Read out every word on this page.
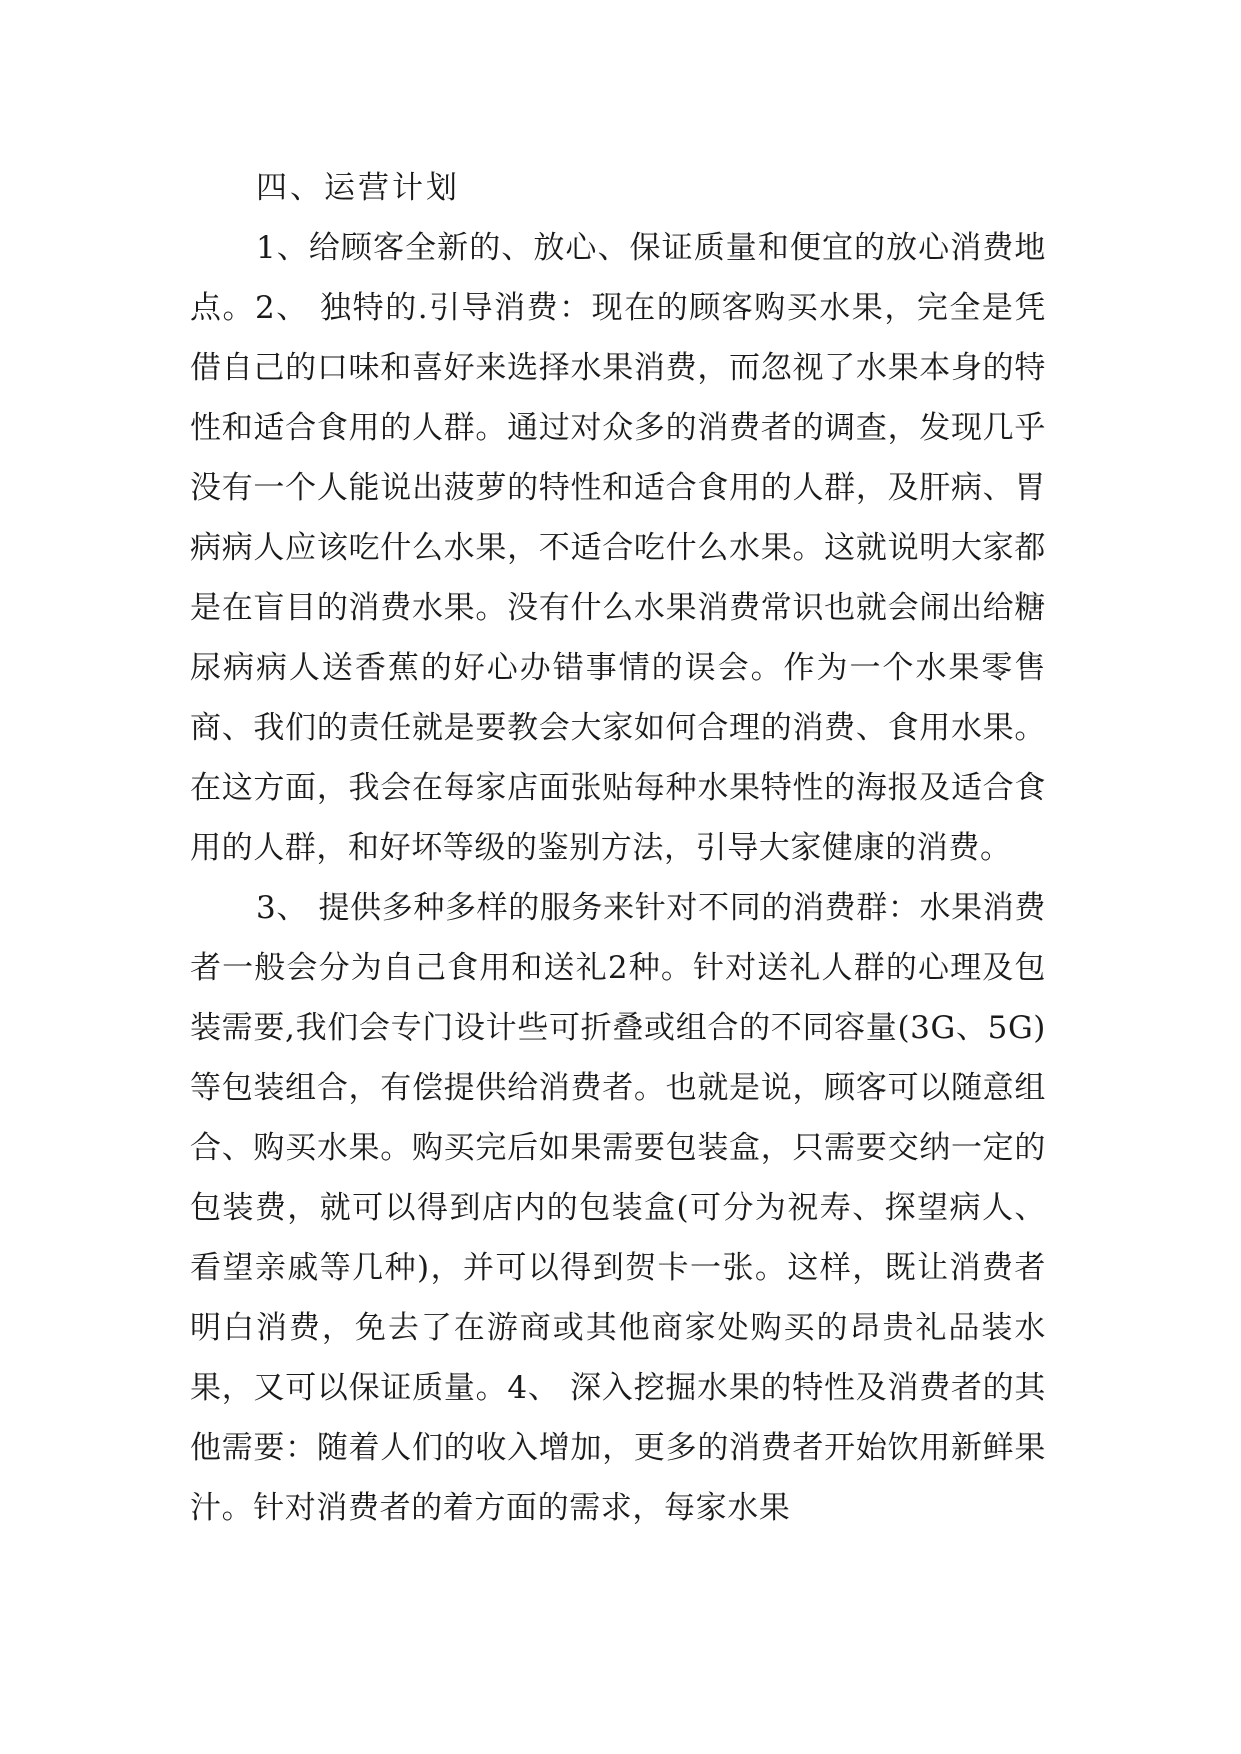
四、运营计划

1、给顾客全新的、放心、保证质量和便宜的放心消费地点。2、 独特的.引导消费：现在的顾客购买水果，完全是凭借自己的口味和喜好来选择水果消费，而忽视了水果本身的特性和适合食用的人群。通过对众多的消费者的调查，发现几乎没有一个人能说出菠萝的特性和适合食用的人群，及肝病、胃病病人应该吃什么水果，不适合吃什么水果。这就说明大家都是在盲目的消费水果。没有什么水果消费常识也就会闹出给糖尿病病人送香蕉的好心办错事情的误会。作为一个水果零售商、我们的责任就是要教会大家如何合理的消费、食用水果。在这方面，我会在每家店面张贴每种水果特性的海报及适合食用的人群，和好坏等级的鉴别方法，引导大家健康的消费。

3、 提供多种多样的服务来针对不同的消费群：水果消费者一般会分为自己食用和送礼2种。针对送礼人群的心理及包装需要,我们会专门设计些可折叠或组合的不同容量(3G、5G)等包装组合，有偿提供给消费者。也就是说，顾客可以随意组合、购买水果。购买完后如果需要包装盒，只需要交纳一定的包装费，就可以得到店内的包装盒(可分为祝寿、探望病人、看望亲戚等几种)，并可以得到贺卡一张。这样，既让消费者明白消费，免去了在游商或其他商家处购买的昂贵礼品装水果，又可以保证质量。4、 深入挖掘水果的特性及消费者的其他需要：随着人们的收入增加，更多的消费者开始饮用新鲜果汁。针对消费者的着方面的需求，每家水果
